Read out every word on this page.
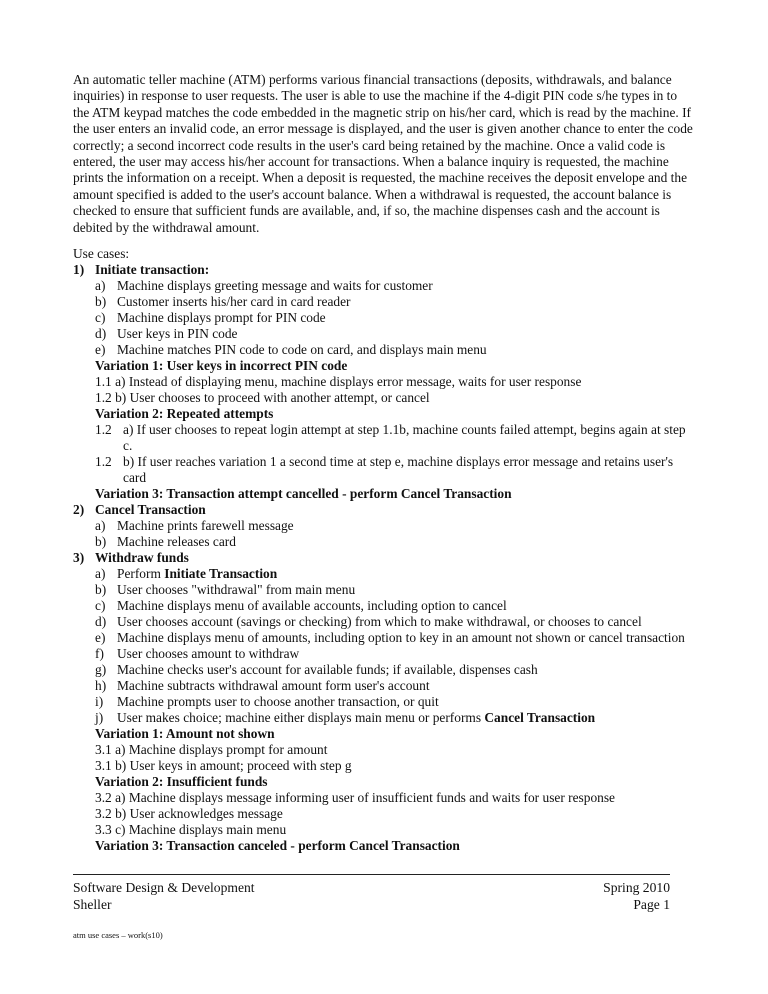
An automatic teller machine (ATM) performs various financial transactions (deposits, withdrawals, and balance inquiries) in response to user requests. The user is able to use the machine if the 4-digit PIN code s/he types in to the ATM keypad matches the code embedded in the magnetic strip on his/her card, which is read by the machine. If the user enters an invalid code, an error message is displayed, and the user is given another chance to enter the code correctly; a second incorrect code results in the user's card being retained by the machine. Once a valid code is entered, the user may access his/her account for transactions. When a balance inquiry is requested, the machine prints the information on a receipt. When a deposit is requested, the machine receives the deposit envelope and the amount specified is added to the user's account balance. When a withdrawal is requested, the account balance is checked to ensure that sufficient funds are available, and, if so, the machine dispenses cash and the account is debited by the withdrawal amount.

Use cases:
1) Initiate transaction:
a) Machine displays greeting message and waits for customer
b) Customer inserts his/her card in card reader
c) Machine displays prompt for PIN code
d) User keys in PIN code
e) Machine matches PIN code to code on card, and displays main menu
Variation 1: User keys in incorrect PIN code
1.1 a) Instead of displaying menu, machine displays error message, waits for user response
1.2 b) User chooses to proceed with another attempt, or cancel
Variation 2: Repeated attempts
1.2 a) If user chooses to repeat login attempt at step 1.1b, machine counts failed attempt, begins again at step c.
1.2 b) If user reaches variation 1 a second time at step e, machine displays error message and retains user's card
Variation 3: Transaction attempt cancelled - perform Cancel Transaction
2) Cancel Transaction
a) Machine prints farewell message
b) Machine releases card
3) Withdraw funds
a) Perform Initiate Transaction
b) User chooses "withdrawal" from main menu
c) Machine displays menu of available accounts, including option to cancel
d) User chooses account (savings or checking) from which to make withdrawal, or chooses to cancel
e) Machine displays menu of amounts, including option to key in an amount not shown or cancel transaction
f) User chooses amount to withdraw
g) Machine checks user's account for available funds; if available, dispenses cash
h) Machine subtracts withdrawal amount form user's account
i)	Machine prompts user to choose another transaction, or quit
j)	User makes choice; machine either displays main menu or performs Cancel Transaction
Variation 1: Amount not shown
3.1 a) Machine displays prompt for amount
3.1 b) User keys in amount; proceed with step g
Variation 2: Insufficient funds
3.2 a) Machine displays message informing user of insufficient funds and waits for user response
3.2 b) User acknowledges message
3.3 c) Machine displays main menu
Variation 3: Transaction canceled - perform Cancel Transaction
Software Design & Development
Sheller
Spring 2010
Page 1
atm use cases – work(s10)
